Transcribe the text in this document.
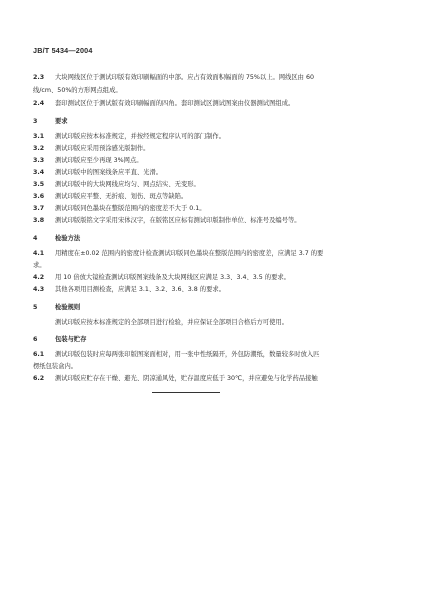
JB/T 5434—2004
2.3 大块网线区位于测试印版有效印刷幅面的中部。应占有效面积幅面的 75%以上。网线区由 60
线/cm、50%的方形网点组成。
2.4 套印测试区位于测试版有效印刷幅面的四角。套印测试区测试图案由仪器测试图组成。
3	要求
3.1 测试印版应按本标准规定，并按经规定程序认可的部门制作。
3.2 测试印版应采用预涂感光版制作。
3.3 测试印版应至少再现 3%网点。
3.4 测试印版中的图案线条应平直、光滑。
3.5 测试印版中的大块网线应均匀、网点结实、无变形。
3.6 测试印版应平整、无折痕、划伤、斑点等缺陷。
3.7 测试印版同色墨块在整版范围内的密度差不大于 0.1。
3.8 测试印版版铭文字采用宋体汉字，在版铭区应标有测试印版制作单位、标准号及编号等。
4	检验方法
4.1 用精度在±0.02 范围内的密度计检查测试印版同色墨块在整版范围内的密度差，应满足 3.7 的要
求。
4.2 用 10 倍放大镜检查测试印版图案线条及大块网线区应满足 3.3、3.4、3.5 的要求。
4.3 其他各项用目测检查，应满足 3.1、3.2、3.6、3.8 的要求。
5	检验规则
测试印版应按本标准规定的全部项目进行检验，并应保证全部项目合格后方可使用。
6	包装与贮存
6.1 测试印版包装时应每两张印版图案面相对，用一张中性纸隔开，外包防潮纸，数量较多时放入匹
楞纸包装盒内。
6.2 测试印版应贮存在干燥、避光、阴凉通风处，贮存温度应低于 30℃，并应避免与化学药品接触
